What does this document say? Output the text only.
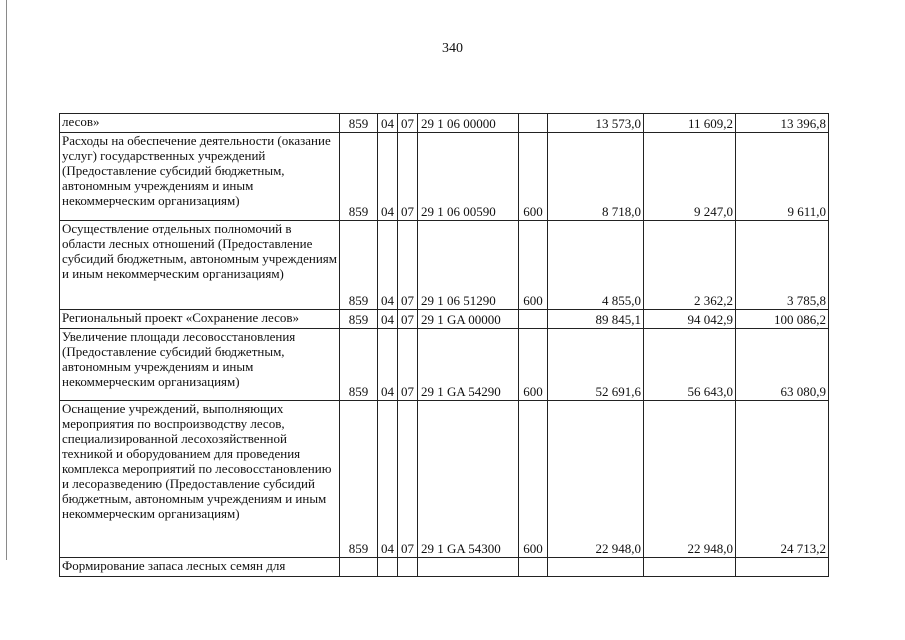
340
лесов»	859	04	07	29 1 06 00000		13 573,0	11 609,2	13 396,8
Расходы на обеспечение деятельности (оказание услуг) государственных учреждений (Предоставление субсидий бюджетным, автономным учреждениям и иным некоммерческим организациям)	859	04	07	29 1 06 00590	600	8 718,0	9 247,0	9 611,0
Осуществление отдельных полномочий в области лесных отношений (Предоставление субсидий бюджетным, автономным учреждениям и иным некоммерческим организациям)	859	04	07	29 1 06 51290	600	4 855,0	2 362,2	3 785,8
Региональный проект «Сохранение лесов»	859	04	07	29 1 GA 00000		89 845,1	94 042,9	100 086,2
Увеличение площади лесовосстановления (Предоставление субсидий бюджетным, автономным учреждениям и иным некоммерческим организациям)	859	04	07	29 1 GA 54290	600	52 691,6	56 643,0	63 080,9
Оснащение учреждений, выполняющих мероприятия по воспроизводству лесов, специализированной лесохозяйственной техникой и оборудованием для проведения комплекса мероприятий по лесовосстановлению и лесоразведению (Предоставление субсидий бюджетным, автономным учреждениям и иным некоммерческим организациям)	859	04	07	29 1 GA 54300	600	22 948,0	22 948,0	24 713,2
Формирование запаса лесных семян для								
